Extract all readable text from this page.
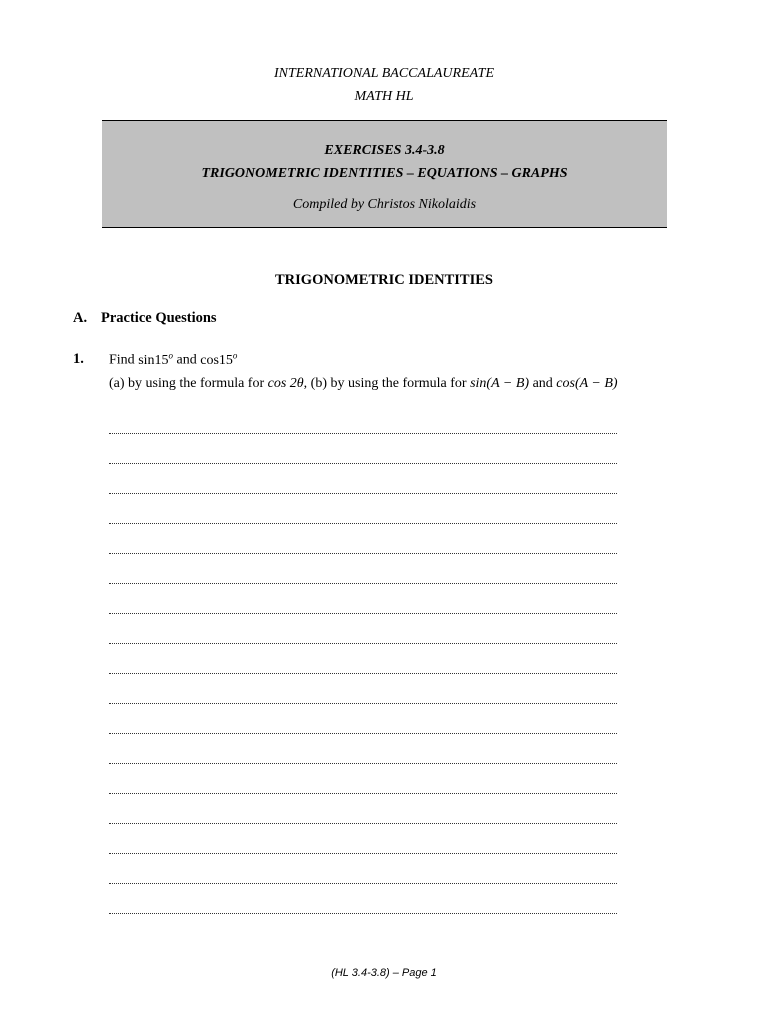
INTERNATIONAL BACCALAUREATE
MATH HL
EXERCISES 3.4-3.8
TRIGONOMETRIC IDENTITIES – EQUATIONS – GRAPHS
Compiled by Christos Nikolaidis
TRIGONOMETRIC IDENTITIES
A. Practice Questions
1. Find sin15$^o$ and cos15$^o$
(a) by using the formula for cos 2θ, (b) by using the formula for sin(A − B) and cos(A − B)
(HL 3.4-3.8) – Page 1
